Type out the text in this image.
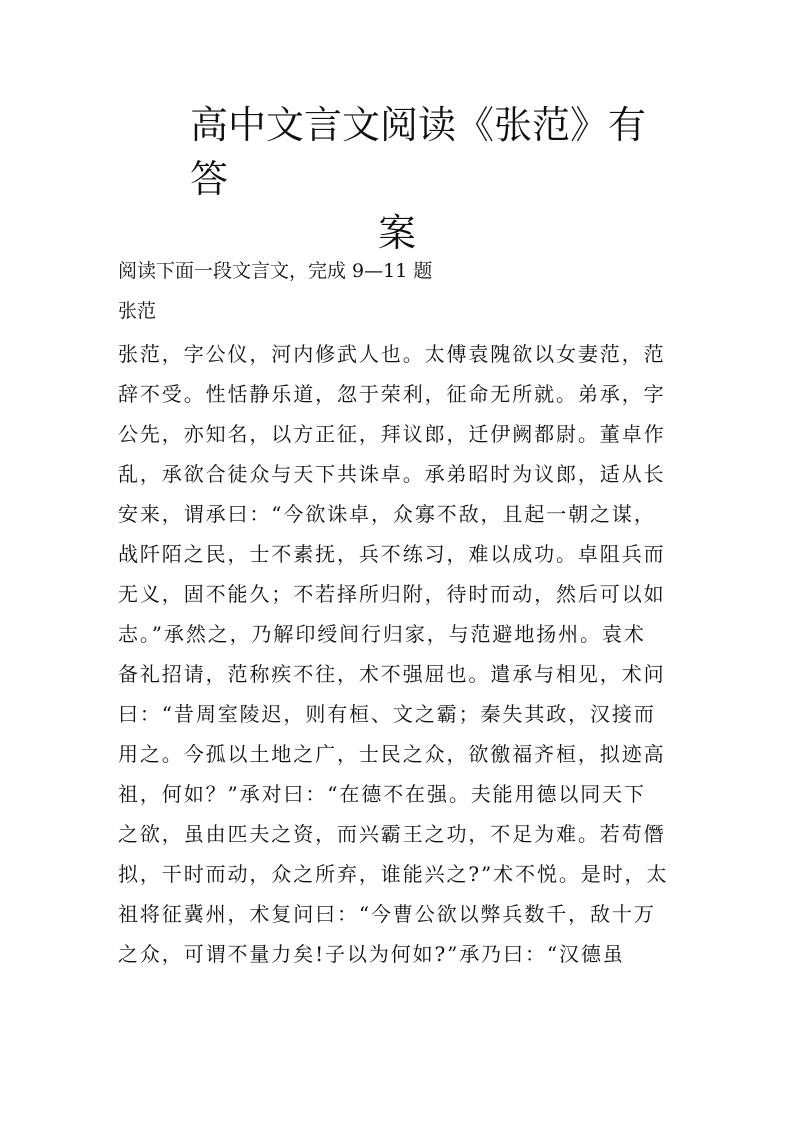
高中文言文阅读《张范》有答
案

阅读下面一段文言文，完成 9—11 题

张范

张范，字公仪，河内修武人也。太傅袁隗欲以女妻范，范
辞不受。性恬静乐道，忽于荣利，征命无所就。弟承，字
公先，亦知名，以方正征，拜议郎，迁伊阙都尉。董卓作
乱，承欲合徒众与天下共诛卓。承弟昭时为议郎，适从长
安来，谓承曰：“今欲诛卓，众寡不敌，且起一朝之谋，
战阡陌之民，士不素抚，兵不练习，难以成功。卓阻兵而
无义，固不能久；不若择所归附，待时而动，然后可以如
志。”承然之，乃解印绶间行归家，与范避地扬州。袁术
备礼招请，范称疾不往，术不强屈也。遣承与相见，术问
曰：“昔周室陵迟，则有桓、文之霸；秦失其政，汉接而
用之。今孤以土地之广，士民之众，欲徼福齐桓，拟迹高
祖，何如？”承对曰：“在德不在强。夫能用德以同天下
之欲，虽由匹夫之资，而兴霸王之功，不足为难。若苟僭
拟，干时而动，众之所弃，谁能兴之?”术不悦。是时，太
祖将征冀州，术复问曰：“今曹公欲以弊兵数千，敌十万
之众，可谓不量力矣!子以为何如?”承乃曰：“汉德虽
